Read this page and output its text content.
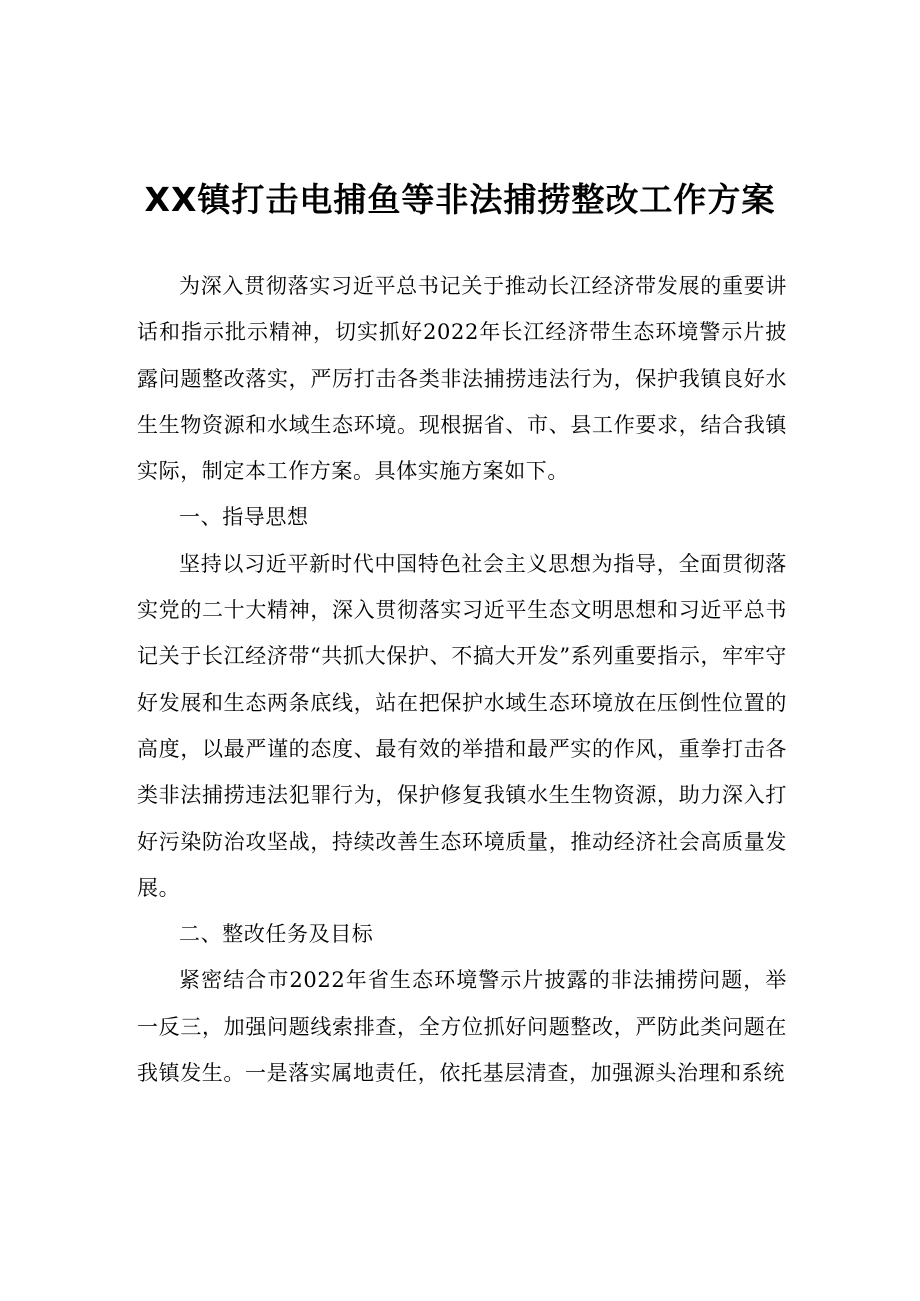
XX镇打击电捕鱼等非法捕捞整改工作方案

为深入贯彻落实习近平总书记关于推动长江经济带发展的重要讲话和指示批示精神，切实抓好2022年长江经济带生态环境警示片披露问题整改落实，严厉打击各类非法捕捞违法行为，保护我镇良好水生生物资源和水域生态环境。现根据省、市、县工作要求，结合我镇实际，制定本工作方案。具体实施方案如下。

一、指导思想

坚持以习近平新时代中国特色社会主义思想为指导，全面贯彻落实党的二十大精神，深入贯彻落实习近平生态文明思想和习近平总书记关于长江经济带“共抓大保护、不搞大开发”系列重要指示，牢牢守好发展和生态两条底线，站在把保护水域生态环境放在压倒性位置的高度，以最严谨的态度、最有效的举措和最严实的作风，重拳打击各类非法捕捞违法犯罪行为，保护修复我镇水生生物资源，助力深入打好污染防治攻坚战，持续改善生态环境质量，推动经济社会高质量发展。

二、整改任务及目标

紧密结合市2022年省生态环境警示片披露的非法捕捞问题，举一反三，加强问题线索排查，全方位抓好问题整改，严防此类问题在我镇发生。一是落实属地责任，依托基层清查，加强源头治理和系统
